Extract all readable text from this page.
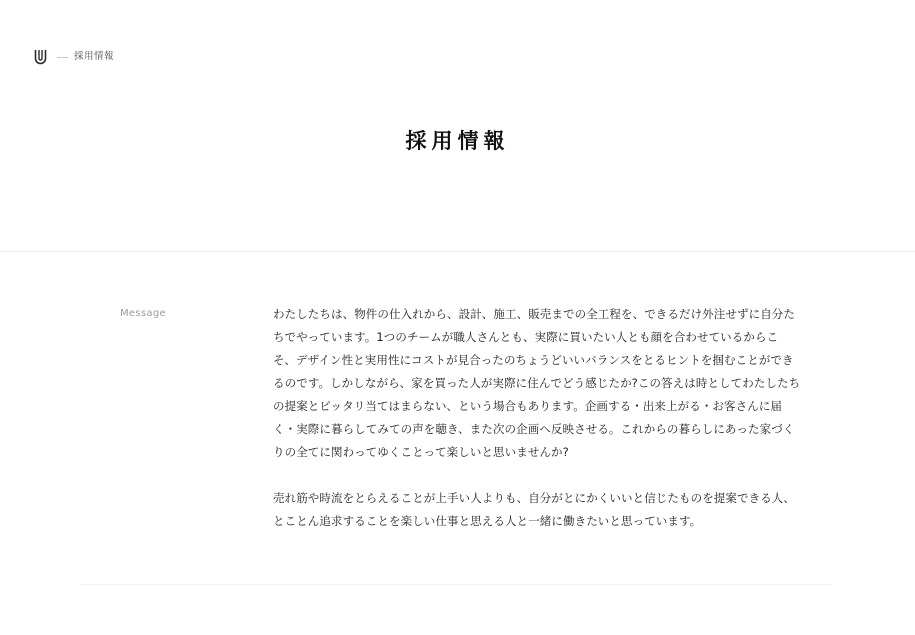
採用情報
採用情報
Message	わたしたちは、物件の仕入れから、設計、施工、販売までの全工程を、できるだけ外注せずに自分たちでやっています。1つのチームが職人さんとも、実際に買いたい人とも顔を合わせているからこそ、デザイン性と実用性にコストが見合ったのちょうどいいバランスをとるヒントを掴むことができるのです。しかしながら、家を買った人が実際に住んでどう感じたか?この答えは時としてわたしたちの提案とピッタリ当てはまらない、という場合もあります。企画する・出来上がる・お客さんに届く・実際に暮らしてみての声を聴き、また次の企画へ反映させる。これからの暮らしにあった家づくりの全てに関わってゆくことって楽しいと思いませんか?

売れ筋や時流をとらえることが上手い人よりも、自分がとにかくいいと信じたものを提案できる人、とことん追求することを楽しい仕事と思える人と一緒に働きたいと思っています。
